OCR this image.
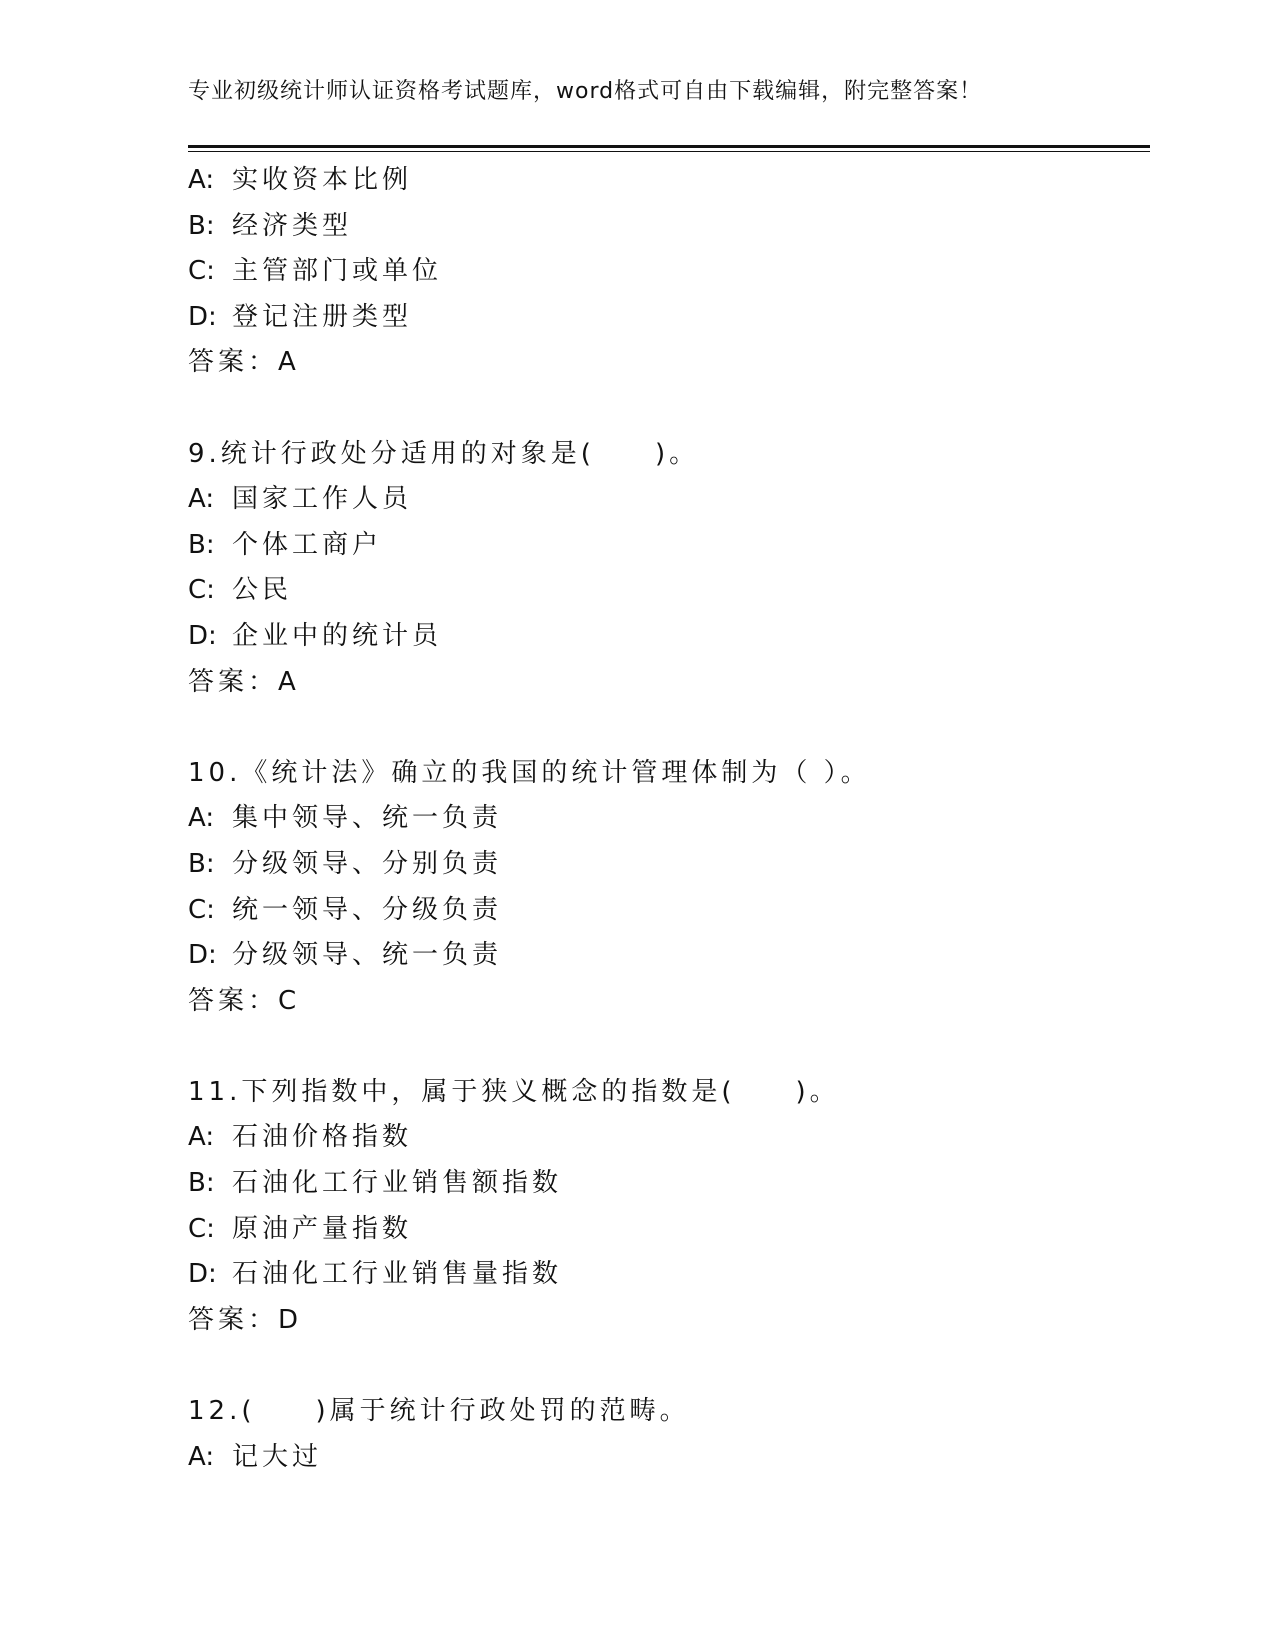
专业初级统计师认证资格考试题库，word格式可自由下载编辑，附完整答案！
A: 实收资本比例
B: 经济类型
C: 主管部门或单位
D: 登记注册类型
答案：A
9.统计行政处分适用的对象是(　　)。
A: 国家工作人员
B: 个体工商户
C: 公民
D: 企业中的统计员
答案：A
10.《统计法》确立的我国的统计管理体制为（ ）。
A: 集中领导、统一负责
B: 分级领导、分别负责
C: 统一领导、分级负责
D: 分级领导、统一负责
答案：C
11.下列指数中，属于狭义概念的指数是(　　)。
A: 石油价格指数
B: 石油化工行业销售额指数
C: 原油产量指数
D: 石油化工行业销售量指数
答案：D
12.(　　)属于统计行政处罚的范畴。
A: 记大过
